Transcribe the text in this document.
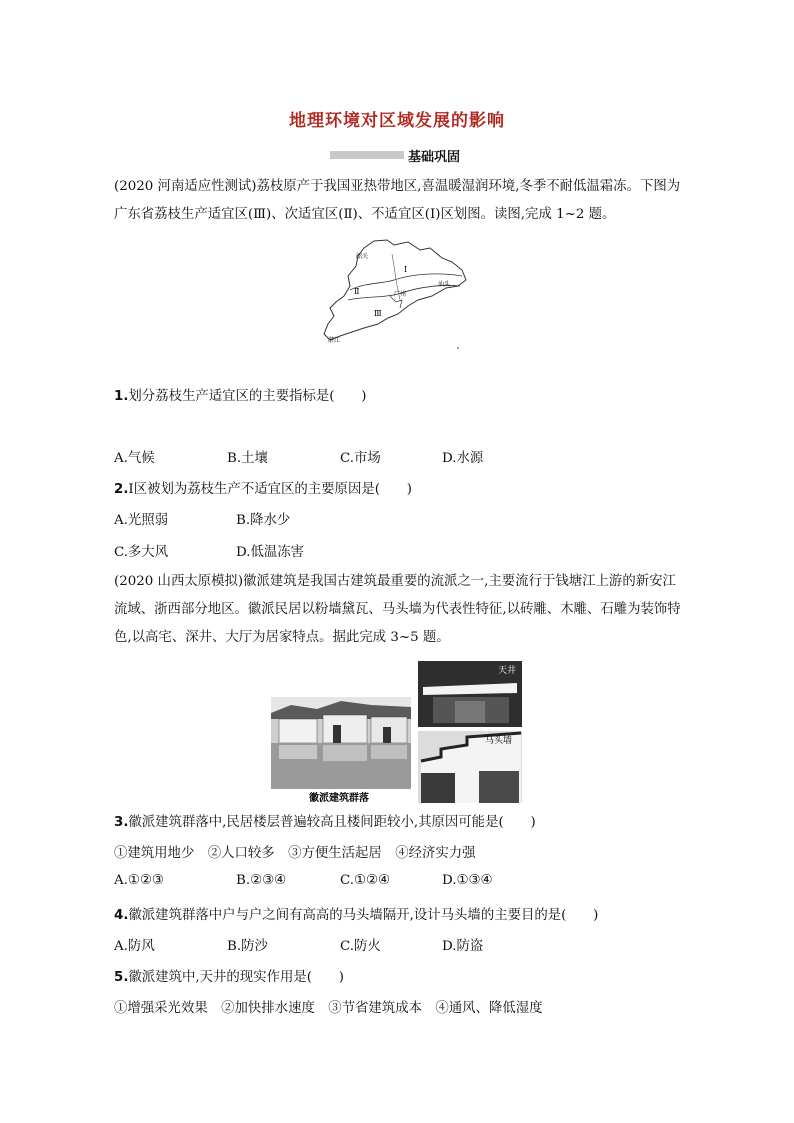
地理环境对区域发展的影响
基础巩固
(2020 河南适应性测试)荔枝原产于我国亚热带地区,喜温暖湿润环境,冬季不耐低温霜冻。下图为广东省荔枝生产适宜区(Ⅲ)、次适宜区(Ⅱ)、不适宜区(Ⅰ)区划图。读图,完成 1~2 题。
韶关
Ⅰ
Ⅱ	广州
Ⅲ
汕头
湛江
1.划分荔枝生产适宜区的主要指标是(　　)
A.气候	B.土壤	C.市场	D.水源
2.Ⅰ区被划为荔枝生产不适宜区的主要原因是(　　)
A.光照弱	B.降水少
C.多大风	D.低温冻害
(2020 山西太原模拟)徽派建筑是我国古建筑最重要的流派之一,主要流行于钱塘江上游的新安江流域、浙西部分地区。徽派民居以粉墙黛瓦、马头墙为代表性特征,以砖雕、木雕、石雕为装饰特色,以高宅、深井、大厅为居家特点。据此完成 3~5 题。
徽派建筑群落
天井
马头墙
3.徽派建筑群落中,民居楼层普遍较高且楼间距较小,其原因可能是(　　)
①建筑用地少　②人口较多　③方便生活起居　④经济实力强
A.①②③	B.②③④	C.①②④	D.①③④
4.徽派建筑群落中户与户之间有高高的马头墙隔开,设计马头墙的主要目的是(　　)
A.防风	B.防沙	C.防火	D.防盗
5.徽派建筑中,天井的现实作用是(　　)
①增强采光效果　②加快排水速度　③节省建筑成本　④通风、降低湿度
